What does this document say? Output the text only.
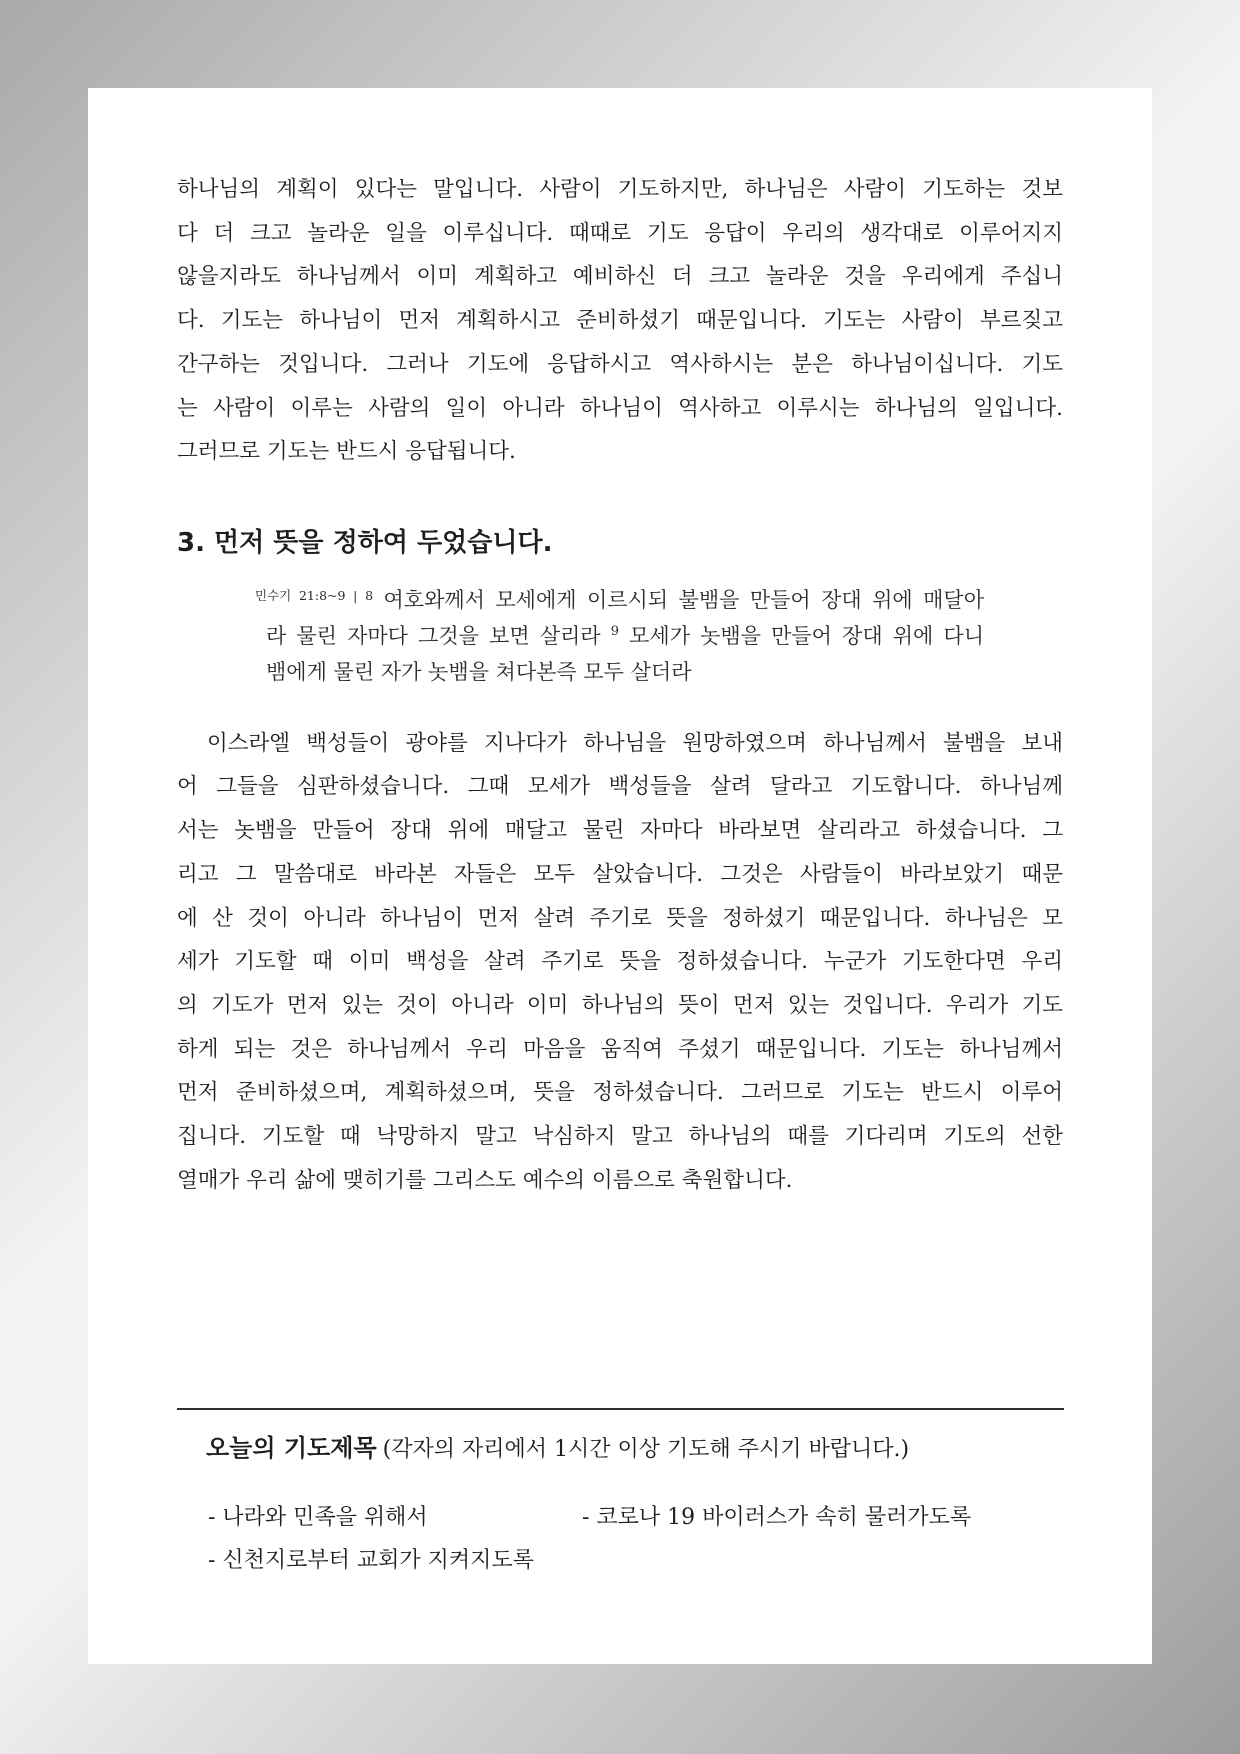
하나님의 계획이 있다는 말입니다. 사람이 기도하지만, 하나님은 사람이 기도하는 것보
다 더 크고 놀라운 일을 이루십니다. 때때로 기도 응답이 우리의 생각대로 이루어지지
않을지라도 하나님께서 이미 계획하고 예비하신 더 크고 놀라운 것을 우리에게 주십니
다. 기도는 하나님이 먼저 계획하시고 준비하셨기 때문입니다. 기도는 사람이 부르짖고
간구하는 것입니다. 그러나 기도에 응답하시고 역사하시는 분은 하나님이십니다. 기도
는 사람이 이루는 사람의 일이 아니라 하나님이 역사하고 이루시는 하나님의 일입니다.
그러므로 기도는 반드시 응답됩니다.
3. 먼저 뜻을 정하여 두었습니다.
$^{민수기 21:8\sim 9 | 8}$ 여호와께서 모세에게 이르시되 불뱀을 만들어 장대 위에 매달아
라 물린 자마다 그것을 보면 살리라 $^9$ 모세가 놋뱀을 만들어 장대 위에 다니
뱀에게 물린 자가 놋뱀을 쳐다본즉 모두 살더라
이스라엘 백성들이 광야를 지나다가 하나님을 원망하였으며 하나님께서 불뱀을 보내
어 그들을 심판하셨습니다. 그때 모세가 백성들을 살려 달라고 기도합니다. 하나님께
서는 놋뱀을 만들어 장대 위에 매달고 물린 자마다 바라보면 살리라고 하셨습니다. 그
리고 그 말씀대로 바라본 자들은 모두 살았습니다. 그것은 사람들이 바라보았기 때문
에 산 것이 아니라 하나님이 먼저 살려 주기로 뜻을 정하셨기 때문입니다. 하나님은 모
세가 기도할 때 이미 백성을 살려 주기로 뜻을 정하셨습니다. 누군가 기도한다면 우리
의 기도가 먼저 있는 것이 아니라 이미 하나님의 뜻이 먼저 있는 것입니다. 우리가 기도
하게 되는 것은 하나님께서 우리 마음을 움직여 주셨기 때문입니다. 기도는 하나님께서
먼저 준비하셨으며, 계획하셨으며, 뜻을 정하셨습니다. 그러므로 기도는 반드시 이루어
집니다. 기도할 때 낙망하지 말고 낙심하지 말고 하나님의 때를 기다리며 기도의 선한
열매가 우리 삶에 맺히기를 그리스도 예수의 이름으로 축원합니다.
오늘의 기도제목 (각자의 자리에서 1시간 이상 기도해 주시기 바랍니다.)
- 나라와 민족을 위해서	- 코로나 19 바이러스가 속히 물러가도록
- 신천지로부터 교회가 지켜지도록
